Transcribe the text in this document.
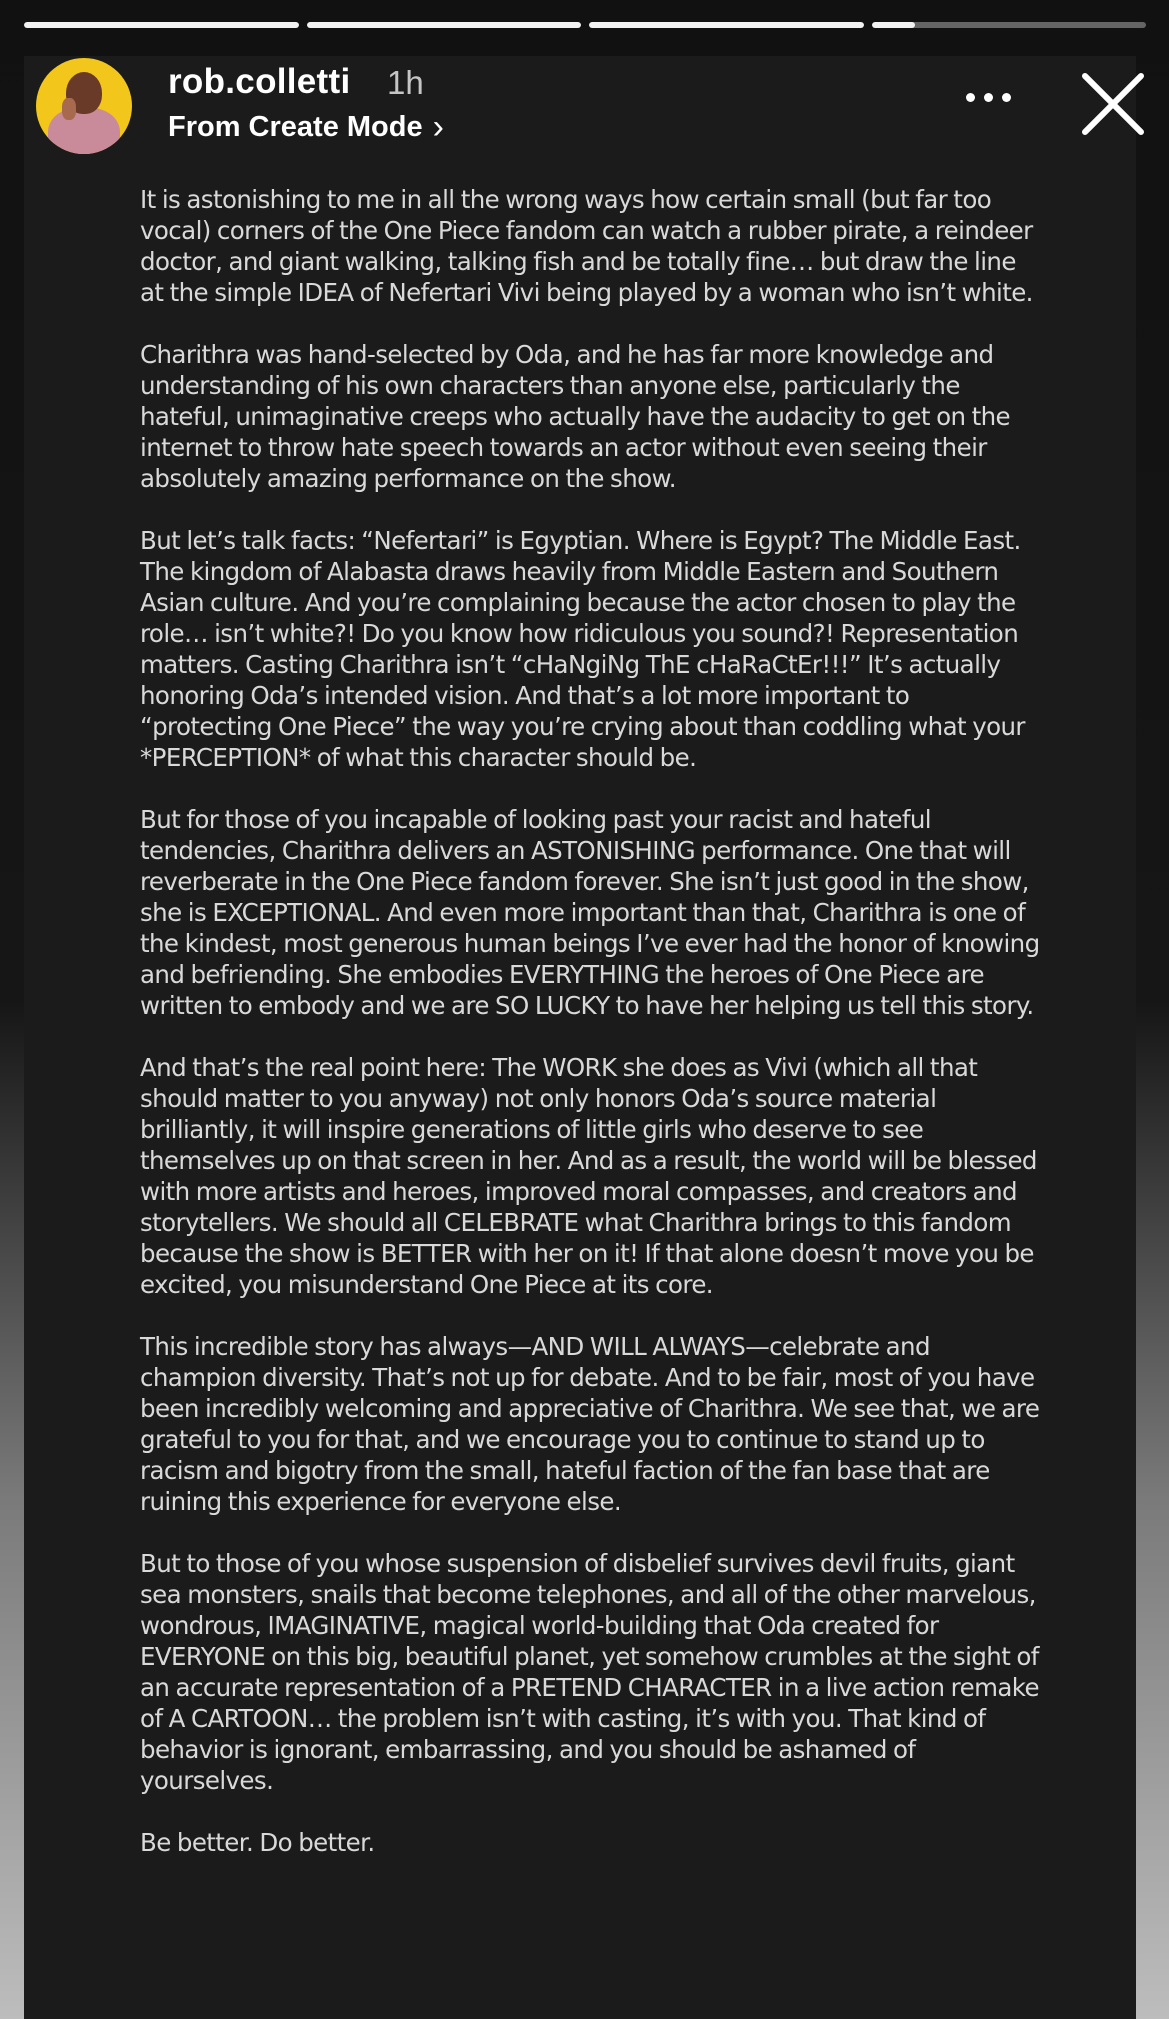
rob.colletti 1h
From Create Mode ›

It is astonishing to me in all the wrong ways how certain small (but far too vocal) corners of the One Piece fandom can watch a rubber pirate, a reindeer doctor, and giant walking, talking fish and be totally fine… but draw the line at the simple IDEA of Nefertari Vivi being played by a woman who isn’t white.

Charithra was hand-selected by Oda, and he has far more knowledge and understanding of his own characters than anyone else, particularly the hateful, unimaginative creeps who actually have the audacity to get on the internet to throw hate speech towards an actor without even seeing their absolutely amazing performance on the show.

But let’s talk facts: “Nefertari” is Egyptian. Where is Egypt? The Middle East. The kingdom of Alabasta draws heavily from Middle Eastern and Southern Asian culture. And you’re complaining because the actor chosen to play the role… isn’t white?! Do you know how ridiculous you sound?! Representation matters. Casting Charithra isn’t “cHaNgiNg ThE cHaRaCtEr!!!” It’s actually honoring Oda’s intended vision. And that’s a lot more important to “protecting One Piece” the way you’re crying about than coddling what your *PERCEPTION* of what this character should be.

But for those of you incapable of looking past your racist and hateful tendencies, Charithra delivers an ASTONISHING performance. One that will reverberate in the One Piece fandom forever. She isn’t just good in the show, she is EXCEPTIONAL. And even more important than that, Charithra is one of the kindest, most generous human beings I’ve ever had the honor of knowing and befriending. She embodies EVERYTHING the heroes of One Piece are written to embody and we are SO LUCKY to have her helping us tell this story.

And that’s the real point here: The WORK she does as Vivi (which all that should matter to you anyway) not only honors Oda’s source material brilliantly, it will inspire generations of little girls who deserve to see themselves up on that screen in her. And as a result, the world will be blessed with more artists and heroes, improved moral compasses, and creators and storytellers. We should all CELEBRATE what Charithra brings to this fandom because the show is BETTER with her on it! If that alone doesn’t move you be excited, you misunderstand One Piece at its core.

This incredible story has always—AND WILL ALWAYS—celebrate and champion diversity. That’s not up for debate. And to be fair, most of you have been incredibly welcoming and appreciative of Charithra. We see that, we are grateful to you for that, and we encourage you to continue to stand up to racism and bigotry from the small, hateful faction of the fan base that are ruining this experience for everyone else.

But to those of you whose suspension of disbelief survives devil fruits, giant sea monsters, snails that become telephones, and all of the other marvelous, wondrous, IMAGINATIVE, magical world-building that Oda created for EVERYONE on this big, beautiful planet, yet somehow crumbles at the sight of an accurate representation of a PRETEND CHARACTER in a live action remake of A CARTOON… the problem isn’t with casting, it’s with you. That kind of behavior is ignorant, embarrassing, and you should be ashamed of yourselves.

Be better. Do better.
